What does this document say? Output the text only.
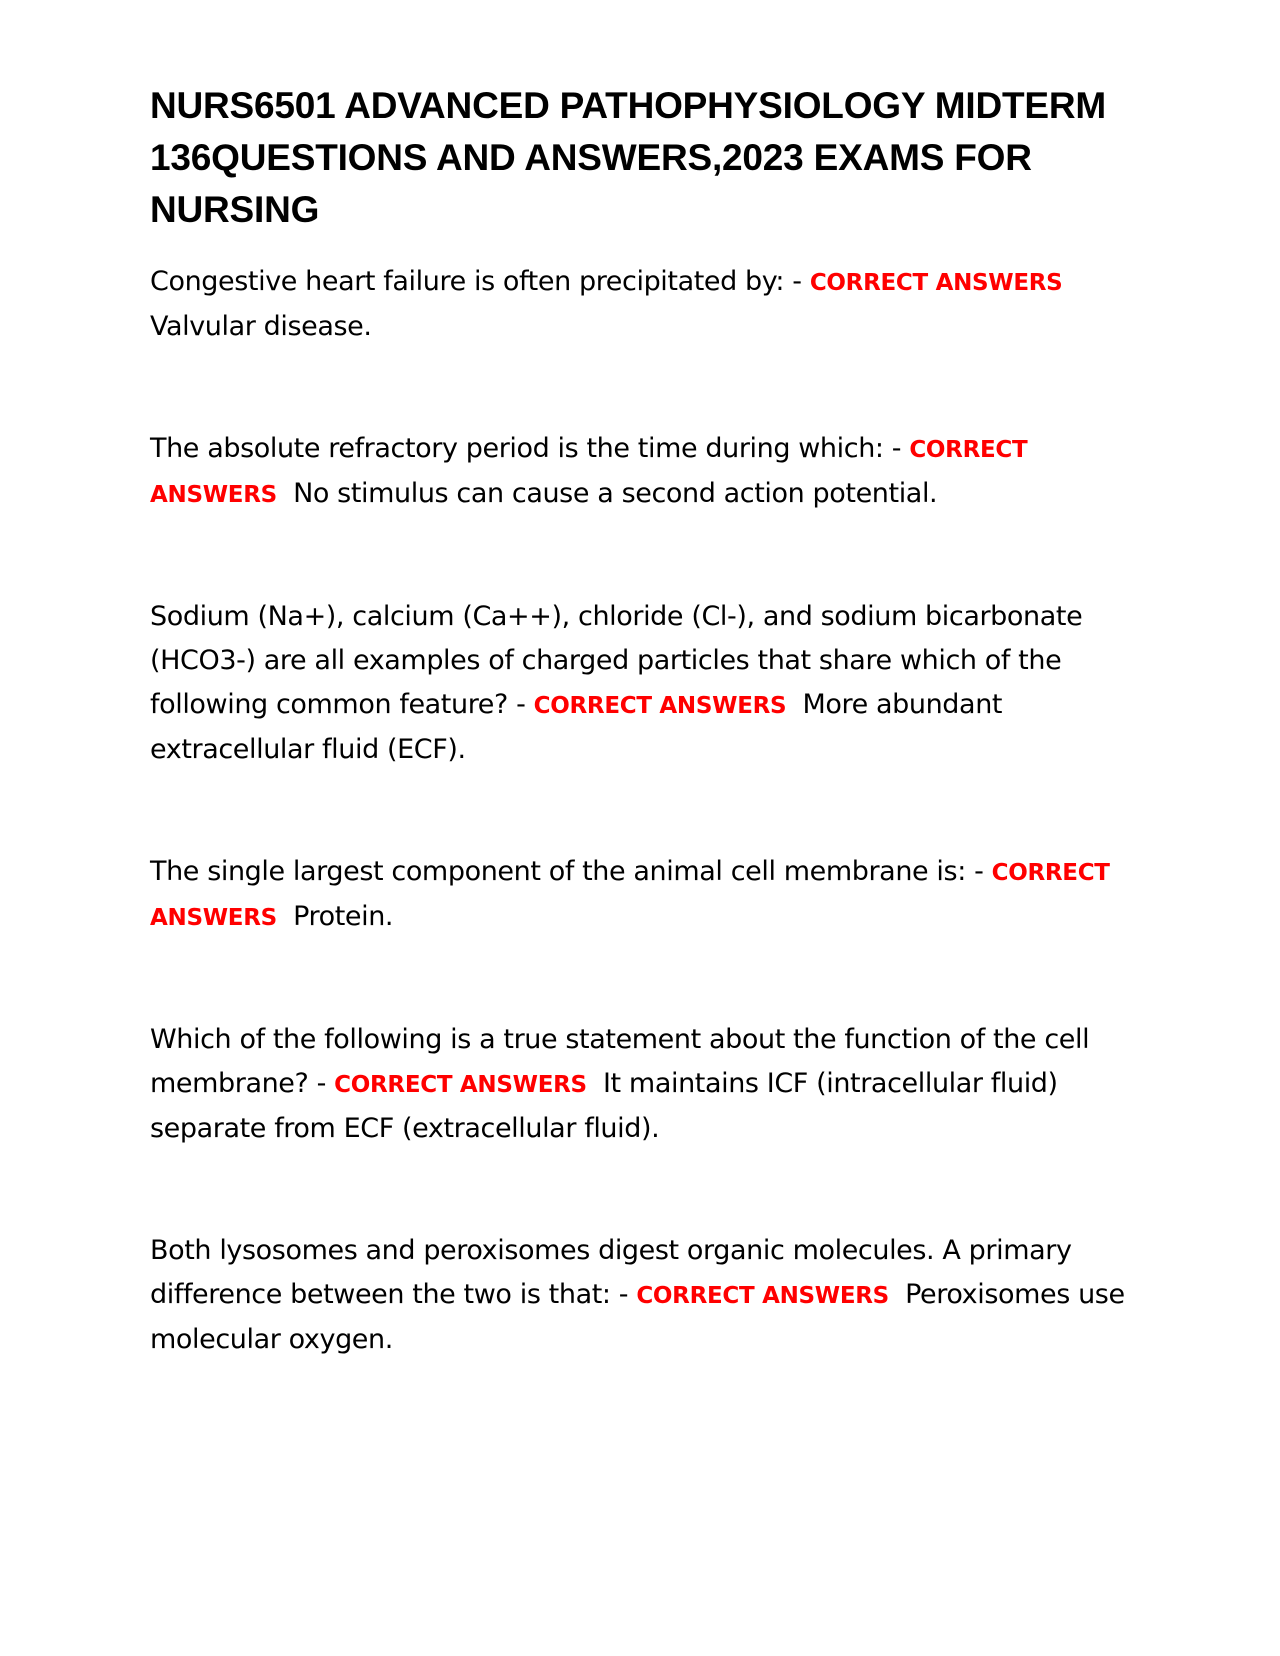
NURS6501 ADVANCED PATHOPHYSIOLOGY MIDTERM 136QUESTIONS AND ANSWERS,2023 EXAMS FOR NURSING

Congestive heart failure is often precipitated by: - CORRECT ANSWERS Valvular disease.

The absolute refractory period is the time during which: - CORRECT ANSWERS No stimulus can cause a second action potential.

Sodium (Na+), calcium (Ca++), chloride (Cl-), and sodium bicarbonate (HCO3-) are all examples of charged particles that share which of the following common feature? - CORRECT ANSWERS More abundant extracellular fluid (ECF).

The single largest component of the animal cell membrane is: - CORRECT ANSWERS Protein.

Which of the following is a true statement about the function of the cell membrane? - CORRECT ANSWERS It maintains ICF (intracellular fluid) separate from ECF (extracellular fluid).

Both lysosomes and peroxisomes digest organic molecules. A primary difference between the two is that: - CORRECT ANSWERS Peroxisomes use molecular oxygen.
